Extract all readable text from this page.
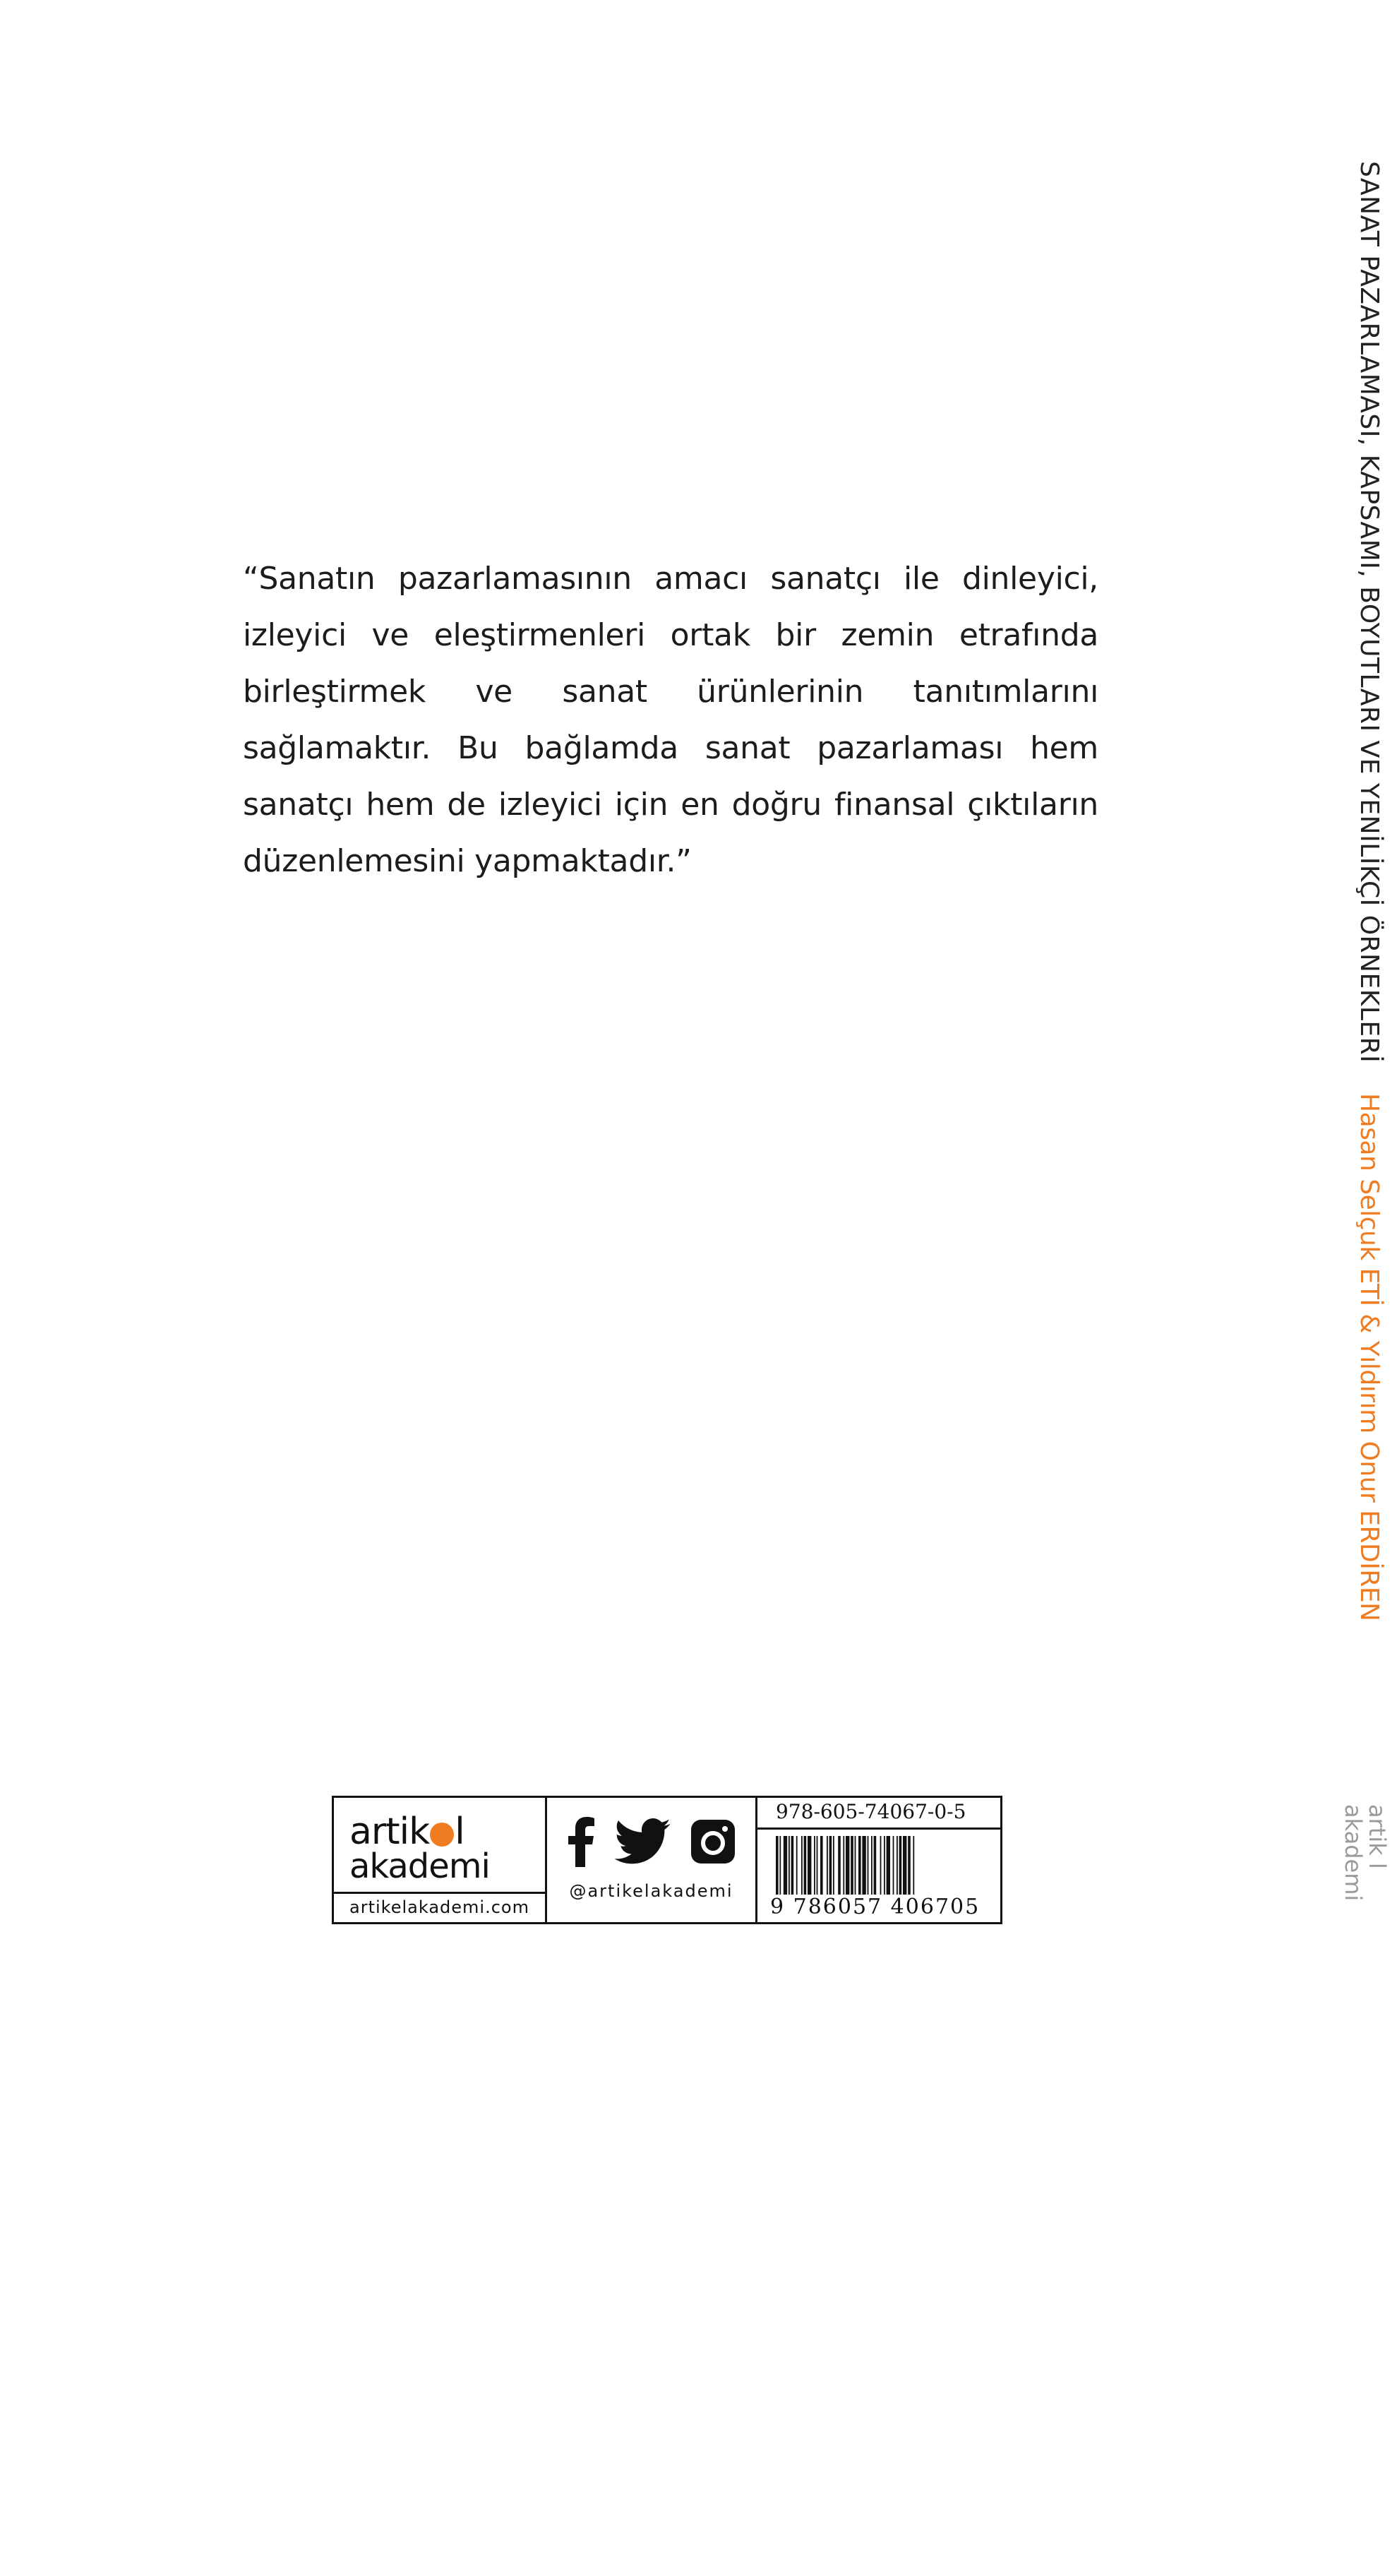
“Sanatın pazarlamasının amacı sanatçı ile dinleyici, izleyici ve eleştirmenleri ortak bir zemin etrafında birleştirmek ve sanat ürünlerinin tanıtımlarını sağlamaktır. Bu bağlamda sanat pazarlaması hem sanatçı hem de izleyici için en doğru finansal çıktıların düzenlemesini yapmaktadır.”	SANAT PAZARLAMASI, KAPSAMI, BOYUTLARI VE YENİLİKÇİ ÖRNEKLERİ
Hasan Selçuk ETİ & Yıldırım Onur ERDİREN
artik l akademi
artik l
akademi
artikelakademi.com
@artikelakademi
978-605-74067-0-5
9 786057 406705
